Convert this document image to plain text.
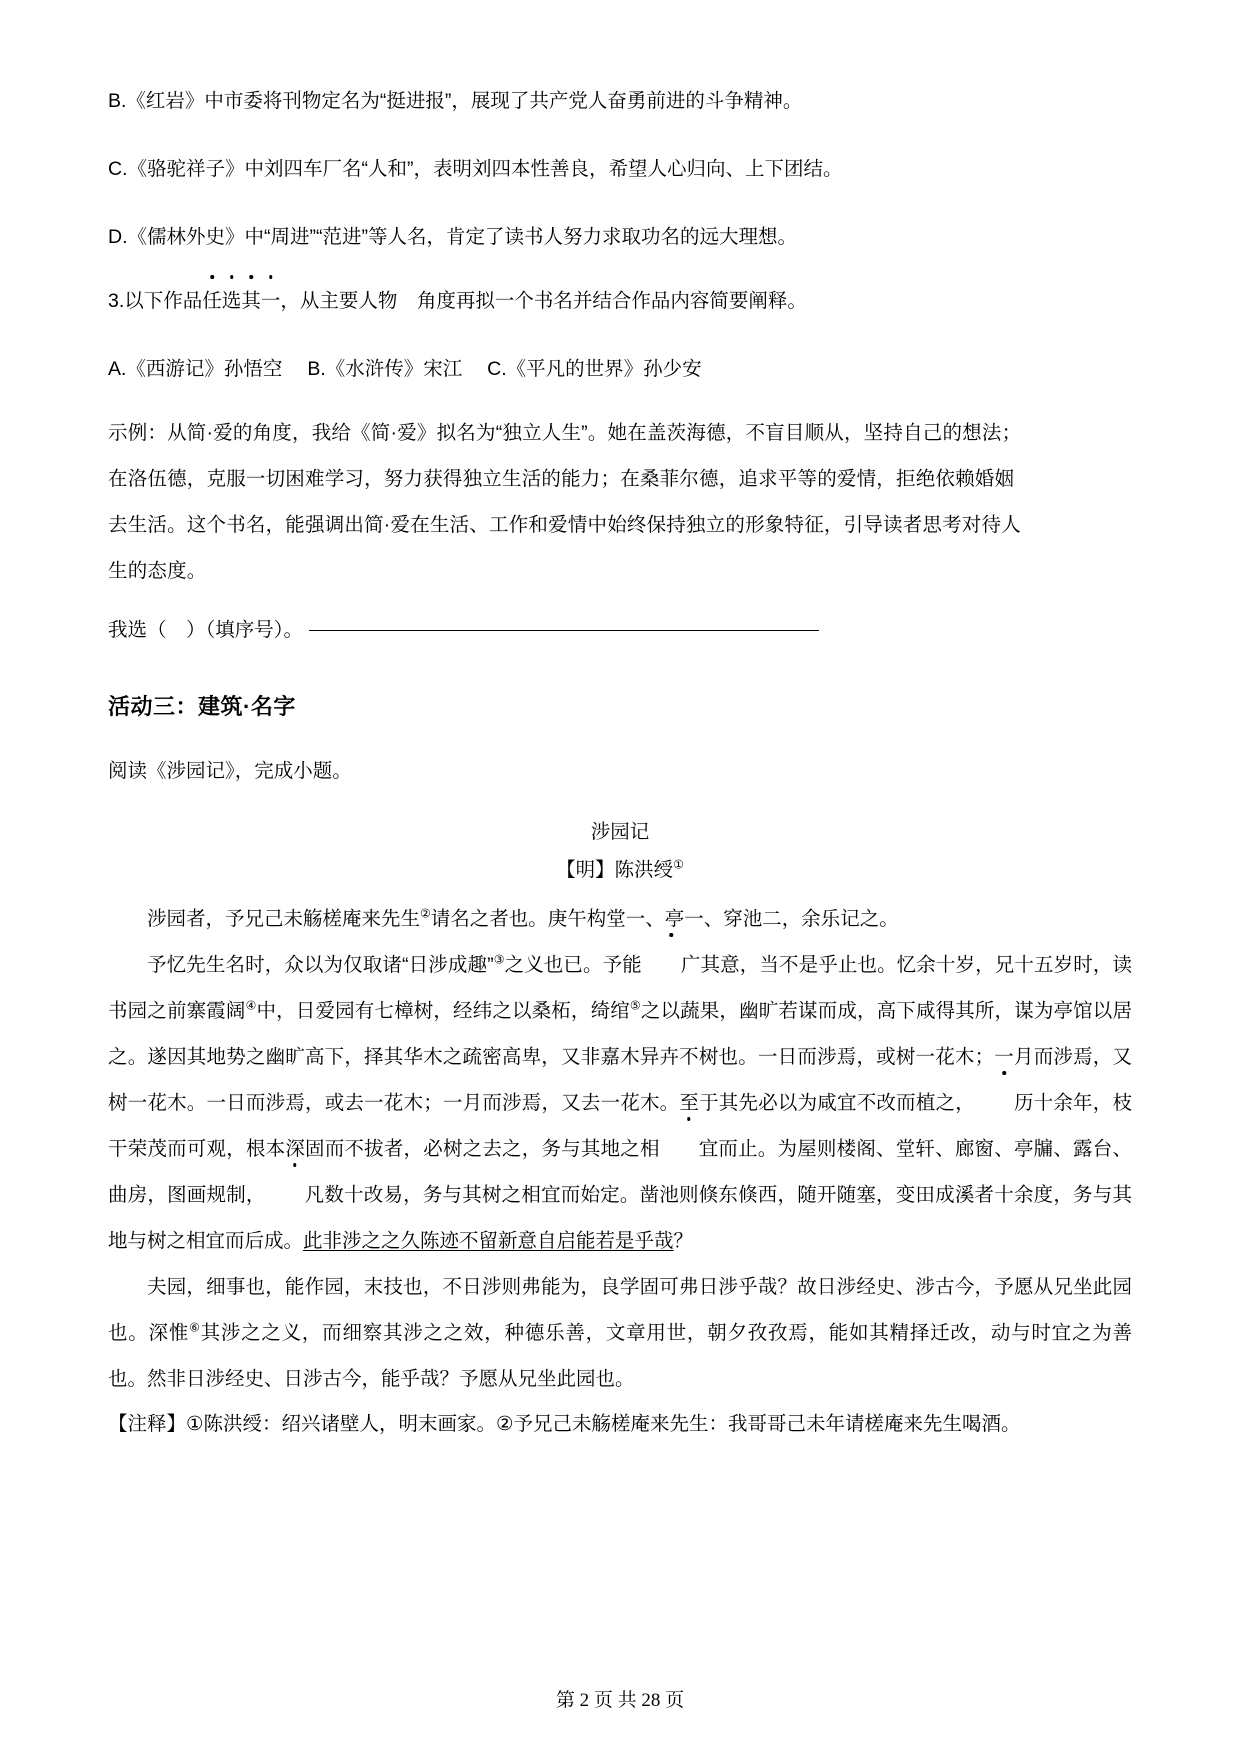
B.《红岩》中市委将刊物定名为“挺进报”，展现了共产党人奋勇前进的斗争精神。
C.《骆驼祥子》中刘四车厂名“人和”，表明刘四本性善良，希望人心归向、上下团结。
D.《儒林外史》中“周进”“范进”等人名，肯定了读书人努力求取功名的远大理想。
3.以下作品任选其一，从主要人物　角度再拟一个书名并结合作品内容简要阐释。
A.《西游记》孙悟空　 B.《水浒传》宋江　 C.《平凡的世界》孙少安
示例：从简·爱的角度，我给《简·爱》拟名为“独立人生”。她在盖茨海德，不盲目顺从，坚持自己的想法；
在洛伍德，克服一切困难学习，努力获得独立生活的能力；在桑菲尔德，追求平等的爱情，拒绝依赖婚姻
去生活。这个书名，能强调出简·爱在生活、工作和爱情中始终保持独立的形象特征，引导读者思考对待人
生的态度。
我选（　）（填序号）。
活动三：建筑·名字
阅读《涉园记》，完成小题。
涉园记
【明】陈洪绶①

涉园者，予兄己未觞槎庵来先生②请名之者也。庚午构堂一、亭一、穿池二，余乐记之。

予忆先生名时，众以为仅取诸“日涉成趣”③之义也已。予能 广其意，当不是乎止也。忆余十岁，兄十五岁时，读书园之前寨霞阔④中，日爱园有七樟树，经纬之以桑柘，绮绾⑤之以蔬果，幽旷若谋而成，高下咸得其所，谋为亭馆以居之。遂因其地势之幽旷高下，择其华木之疏密高卑，又非嘉木异卉不树也。一日而涉焉，或树一花木；一月而涉焉，又树一花木。一日而涉焉，或去一花木；一月而涉焉，又去一花木。至于其先必以为咸宜不改而植之， 历十余年，枝干荣茂而可观，根本深固而不拔者，必树之去之，务与其地之相 宜而止。为屋则楼阁、堂轩、廊窗、亭牖、露台、曲房，图画规制， 凡数十改易，务与其树之相宜而始定。凿池则倏东倏西，随开随塞，变田成溪者十余度，务与其地与树之相宜而后成。此非涉之之久陈迹不留新意自启能若是乎哉？

夫园，细事也，能作园，末技也，不日涉则弗能为，良学固可弗日涉乎哉？故日涉经史、涉古今，予愿从兄坐此园也。深惟⑥其涉之之义，而细察其涉之之效，种德乐善，文章用世，朝夕孜孜焉，能如其精择迁改，动与时宜之为善也。然非日涉经史、日涉古今，能乎哉？予愿从兄坐此园也。

【注释】①陈洪绶：绍兴诸壁人，明末画家。②予兄己未觞槎庵来先生：我哥哥己未年请槎庵来先生喝酒。
第 2 页 共 28 页
